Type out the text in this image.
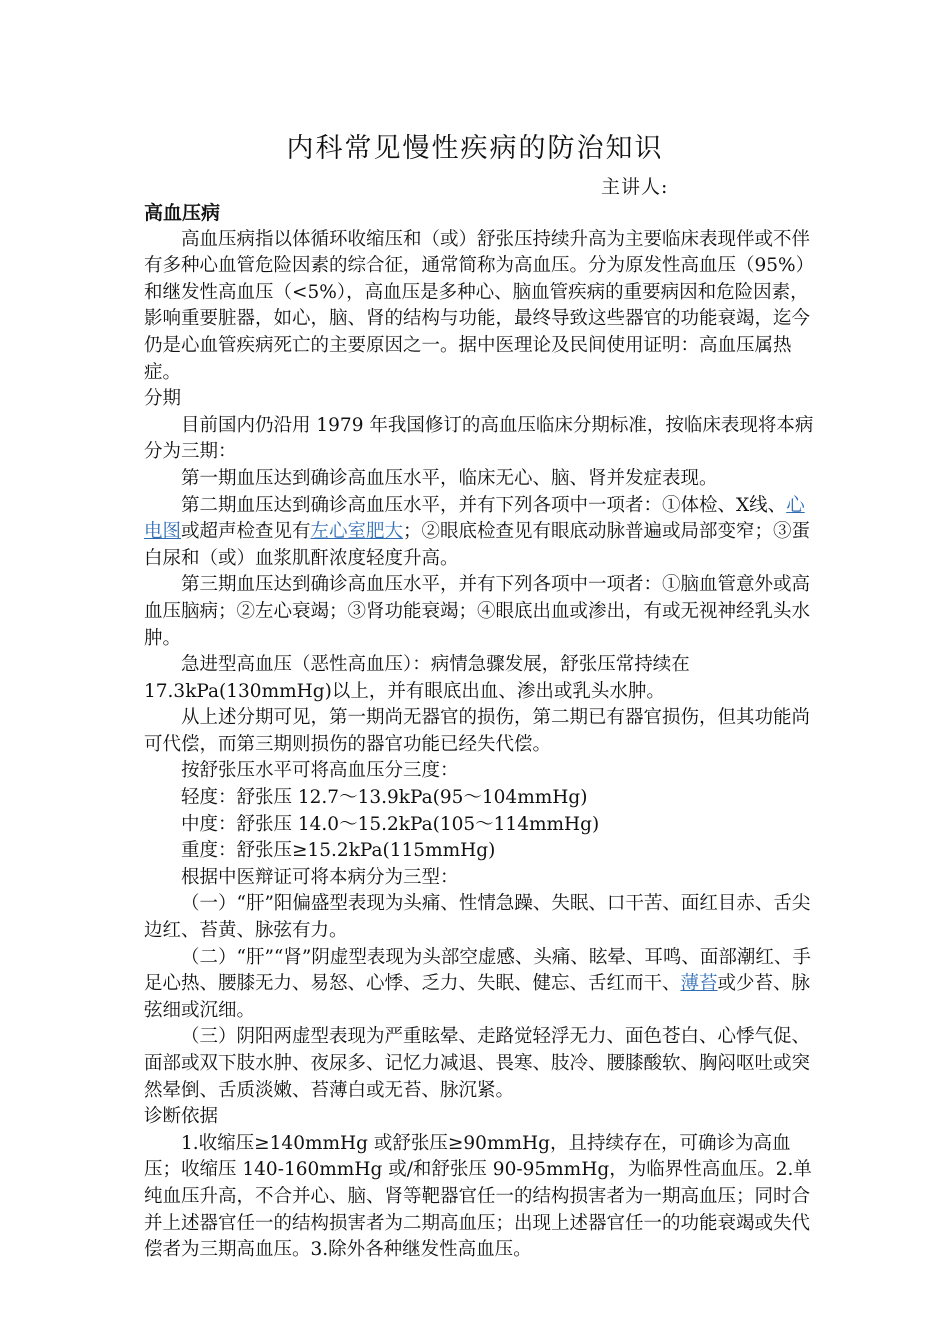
内科常见慢性疾病的防治知识
主讲人:

高血压病

高血压病指以体循环收缩压和（或）舒张压持续升高为主要临床表现伴或不伴有多种心血管危险因素的综合征，通常简称为高血压。分为原发性高血压（95%）和继发性高血压（<5%），高血压是多种心、脑血管疾病的重要病因和危险因素，影响重要脏器，如心，脑、肾的结构与功能，最终导致这些器官的功能衰竭，迄今仍是心血管疾病死亡的主要原因之一。据中医理论及民间使用证明：高血压属热症。

分期

目前国内仍沿用 1979 年我国修订的高血压临床分期标准，按临床表现将本病分为三期：

第一期血压达到确诊高血压水平，临床无心、脑、肾并发症表现。

第二期血压达到确诊高血压水平，并有下列各项中一项者：①体检、X线、心电图或超声检查见有左心室肥大；②眼底检查见有眼底动脉普遍或局部变窄；③蛋白尿和（或）血浆肌酐浓度轻度升高。

第三期血压达到确诊高血压水平，并有下列各项中一项者：①脑血管意外或高血压脑病；②左心衰竭；③肾功能衰竭；④眼底出血或渗出，有或无视神经乳头水肿。

急进型高血压（恶性高血压）：病情急骤发展，舒张压常持续在 17.3kPa(130mmHg)以上，并有眼底出血、渗出或乳头水肿。

从上述分期可见，第一期尚无器官的损伤，第二期已有器官损伤，但其功能尚可代偿，而第三期则损伤的器官功能已经失代偿。

按舒张压水平可将高血压分三度：

轻度：舒张压 12.7～13.9kPa(95～104mmHg)

中度：舒张压 14.0～15.2kPa(105～114mmHg)

重度：舒张压≥15.2kPa(115mmHg)

根据中医辩证可将本病分为三型：

（一）“肝”阳偏盛型表现为头痛、性情急躁、失眠、口干苦、面红目赤、舌尖边红、苔黄、脉弦有力。

（二）“肝”“肾”阴虚型表现为头部空虚感、头痛、眩晕、耳鸣、面部潮红、手足心热、腰膝无力、易怒、心悸、乏力、失眠、健忘、舌红而干、薄苔或少苔、脉弦细或沉细。

（三）阴阳两虚型表现为严重眩晕、走路觉轻浮无力、面色苍白、心悸气促、面部或双下肢水肿、夜尿多、记忆力减退、畏寒、肢冷、腰膝酸软、胸闷呕吐或突然晕倒、舌质淡嫩、苔薄白或无苔、脉沉紧。

诊断依据

1.收缩压≥140mmHg 或舒张压≥90mmHg，且持续存在，可确诊为高血压；收缩压 140-160mmHg 或/和舒张压 90-95mmHg，为临界性高血压。2.单纯血压升高，不合并心、脑、肾等靶器官任一的结构损害者为一期高血压；同时合并上述器官任一的结构损害者为二期高血压；出现上述器官任一的功能衰竭或失代偿者为三期高血压。3.除外各种继发性高血压。
